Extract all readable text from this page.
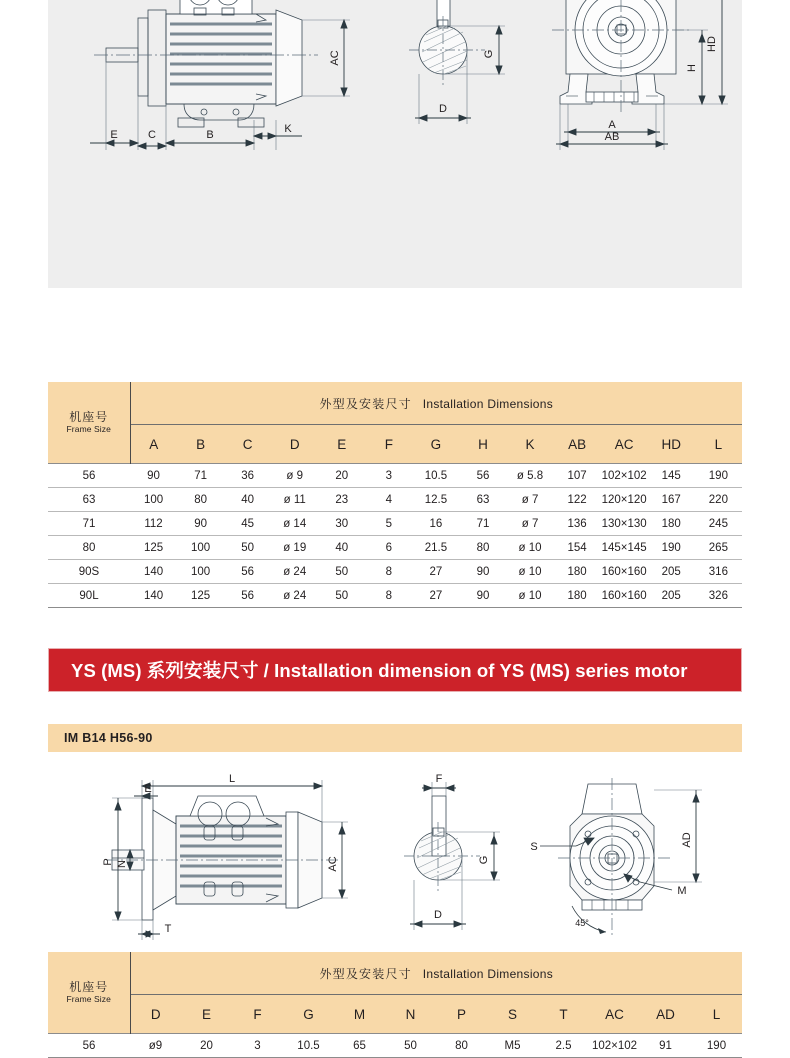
E	C	B	K
AC	G
D
H
HD
A
AB
机座号
Frame Size	外型及安装尺寸 Installation Dimensions												
	A	B	C	D	E	F	G	H	K	AB	AC	HD	L
56	90	71	36	ø 9	20	3	10.5	56	ø 5.8	107	102×102	145	190
63	100	80	40	ø 11	23	4	12.5	63	ø 7	122	120×120	167	220
71	112	90	45	ø 14	30	5	16	71	ø 7	136	130×130	180	245
80	125	100	50	ø 19	40	6	21.5	80	ø 10	154	145×145	190	265
90S	140	100	56	ø 24	50	8	27	90	ø 10	180	160×160	205	316
90L	140	125	56	ø 24	50	8	27	90	ø 10	180	160×160	205	326
YS (MS) 系列安装尺寸 / Installation dimension of YS (MS) series motor
IM B14 H56-90
L
E
P N
T
AC
F
G
D
S
M
AD
45°
机座号
Frame Size	外型及安装尺寸 Installation Dimensions											
	D	E	F	G	M	N	P	S	T	AC	AD	L
56	ø9	20	3	10.5	65	50	80	M5	2.5	102×102	91	190
